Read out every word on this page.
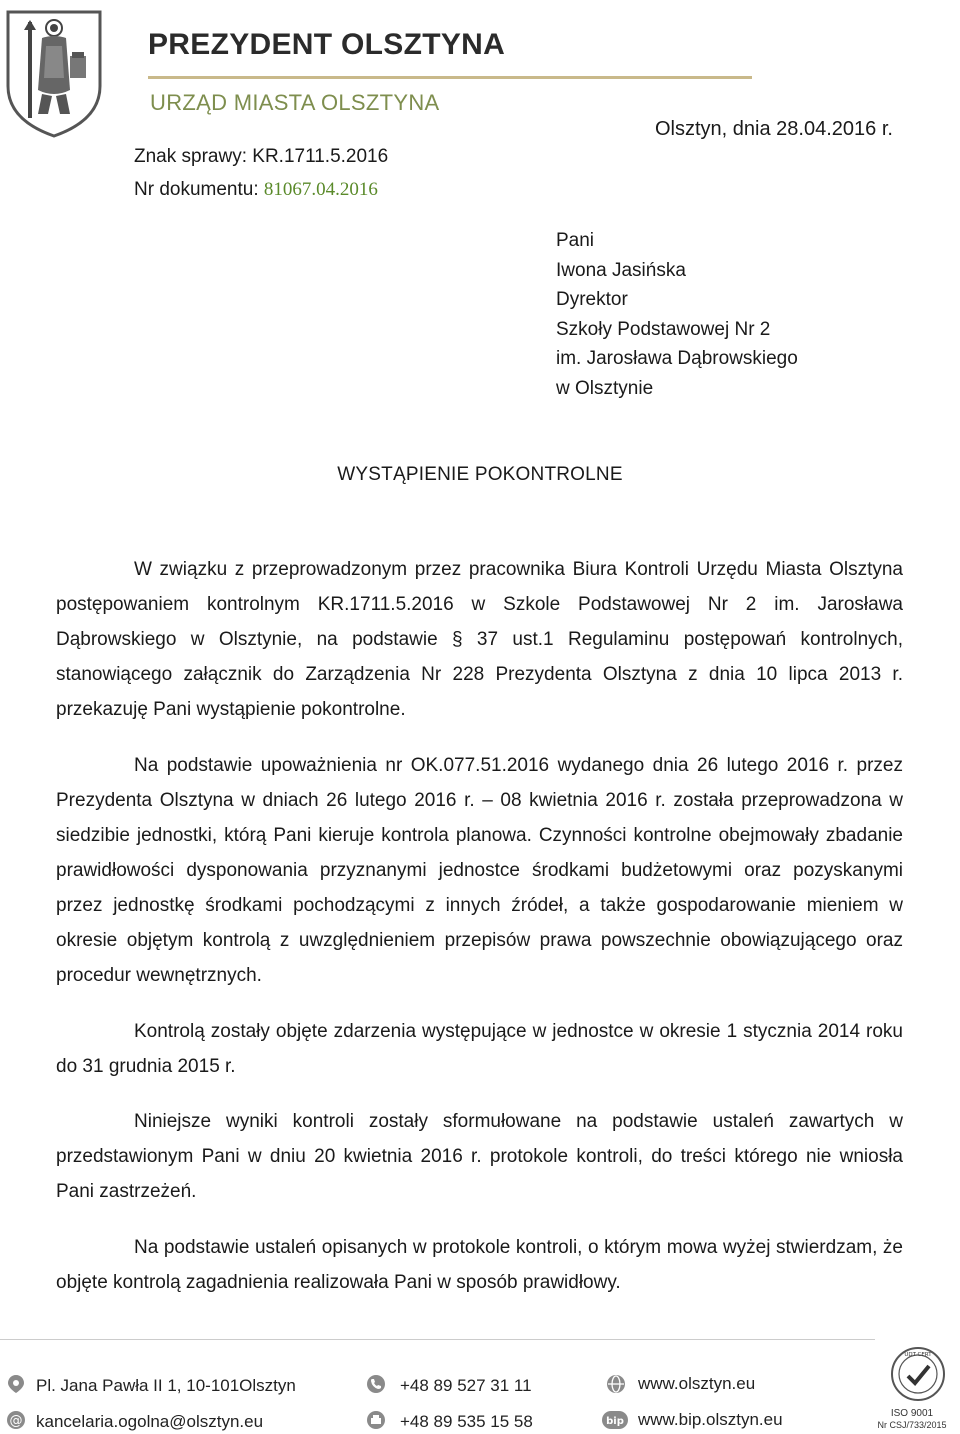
PREZYDENT OLSZTYNA
URZĄD MIASTA OLSZTYNA
Znak sprawy: KR.1711.5.2016
Nr dokumentu: 81067.04.2016
Olsztyn, dnia 28.04.2016 r.
Pani
Iwona Jasińska
Dyrektor
Szkoły Podstawowej Nr 2
im. Jarosława Dąbrowskiego
w Olsztynie
WYSTĄPIENIE POKONTROLNE
W związku z przeprowadzonym przez pracownika Biura Kontroli Urzędu Miasta Olsztyna postępowaniem kontrolnym KR.1711.5.2016 w Szkole Podstawowej Nr 2 im. Jarosława Dąbrowskiego w Olsztynie, na podstawie § 37 ust.1 Regulaminu postępowań kontrolnych, stanowiącego załącznik do Zarządzenia Nr 228 Prezydenta Olsztyna z dnia 10 lipca 2013 r. przekazuję Pani wystąpienie pokontrolne.
Na podstawie upoważnienia nr OK.077.51.2016 wydanego dnia 26 lutego 2016 r. przez Prezydenta Olsztyna w dniach 26 lutego 2016 r. – 08 kwietnia 2016 r. została przeprowadzona w siedzibie jednostki, którą Pani kieruje kontrola planowa. Czynności kontrolne obejmowały zbadanie prawidłowości dysponowania przyznanymi jednostce środkami budżetowymi oraz pozyskanymi przez jednostkę środkami pochodzącymi z innych źródeł, a także gospodarowanie mieniem w okresie objętym kontrolą z uwzględnieniem przepisów prawa powszechnie obowiązującego oraz procedur wewnętrznych.
Kontrolą zostały objęte zdarzenia występujące w jednostce w okresie 1 stycznia 2014 roku do 31 grudnia 2015 r.
Niniejsze wyniki kontroli zostały sformułowane na podstawie ustaleń zawartych w przedstawionym Pani w dniu 20 kwietnia 2016 r. protokole kontroli, do treści którego nie wniosła Pani zastrzeżeń.
Na podstawie ustaleń opisanych w protokole kontroli, o którym mowa wyżej stwierdzam, że objęte kontrolą zagadnienia realizowała Pani w sposób prawidłowy.
Pl. Jana Pawła II 1, 10-101Olsztyn
@ kancelaria.ogolna@olsztyn.eu
+48 89 527 31 11
+48 89 535 15 58
www.olsztyn.eu
bip www.bip.olsztyn.eu
UDT-CERT
ISO 9001
Nr CSJ/733/2015
